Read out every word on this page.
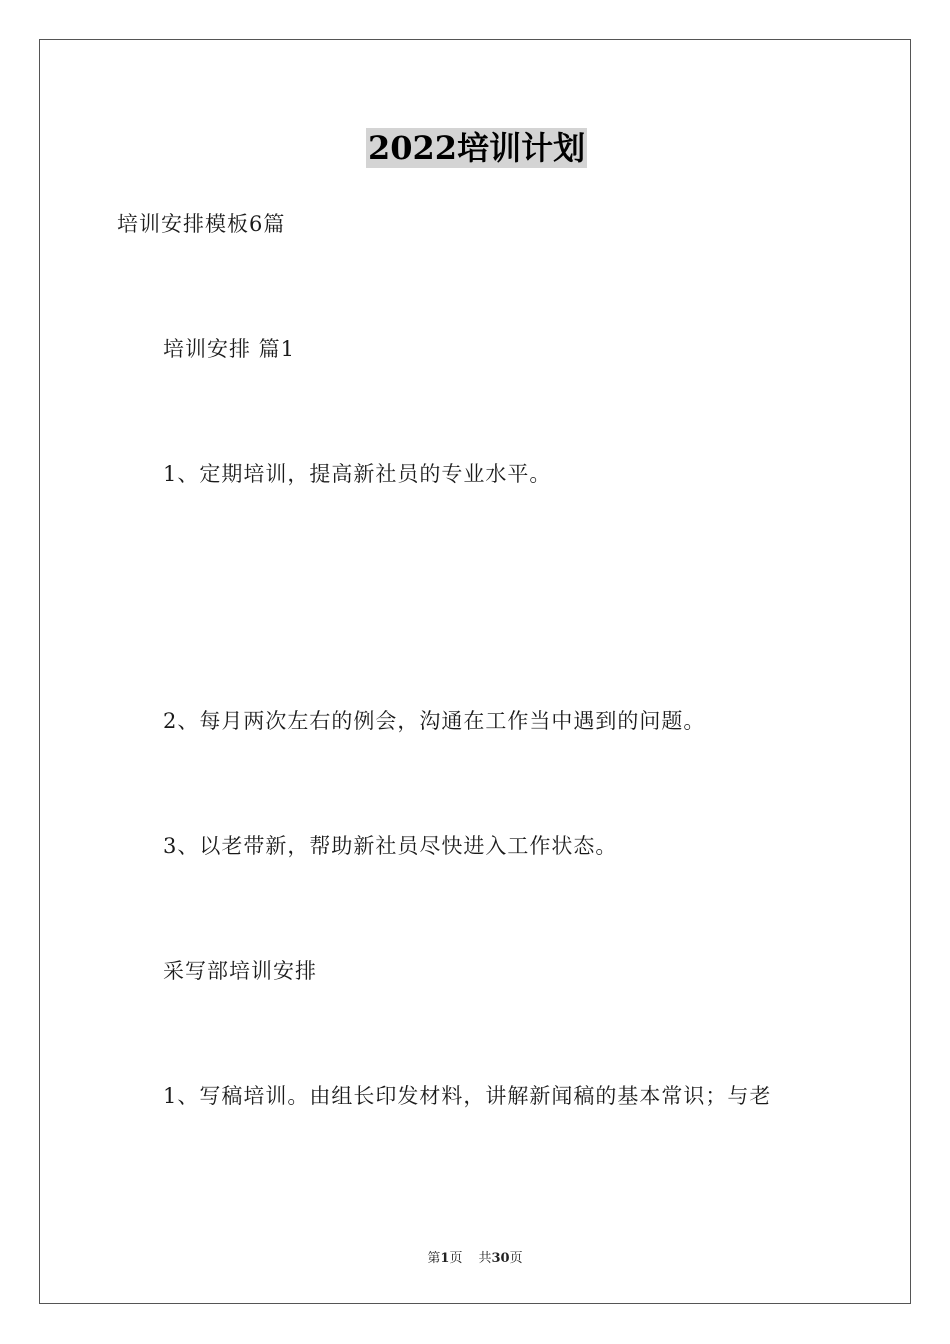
2022培训计划
培训安排模板6篇
培训安排 篇1
1、定期培训，提高新社员的专业水平。
2、每月两次左右的例会，沟通在工作当中遇到的问题。
3、以老带新，帮助新社员尽快进入工作状态。
采写部培训安排
1、写稿培训。由组长印发材料，讲解新闻稿的基本常识；与老
第1页 共30页
